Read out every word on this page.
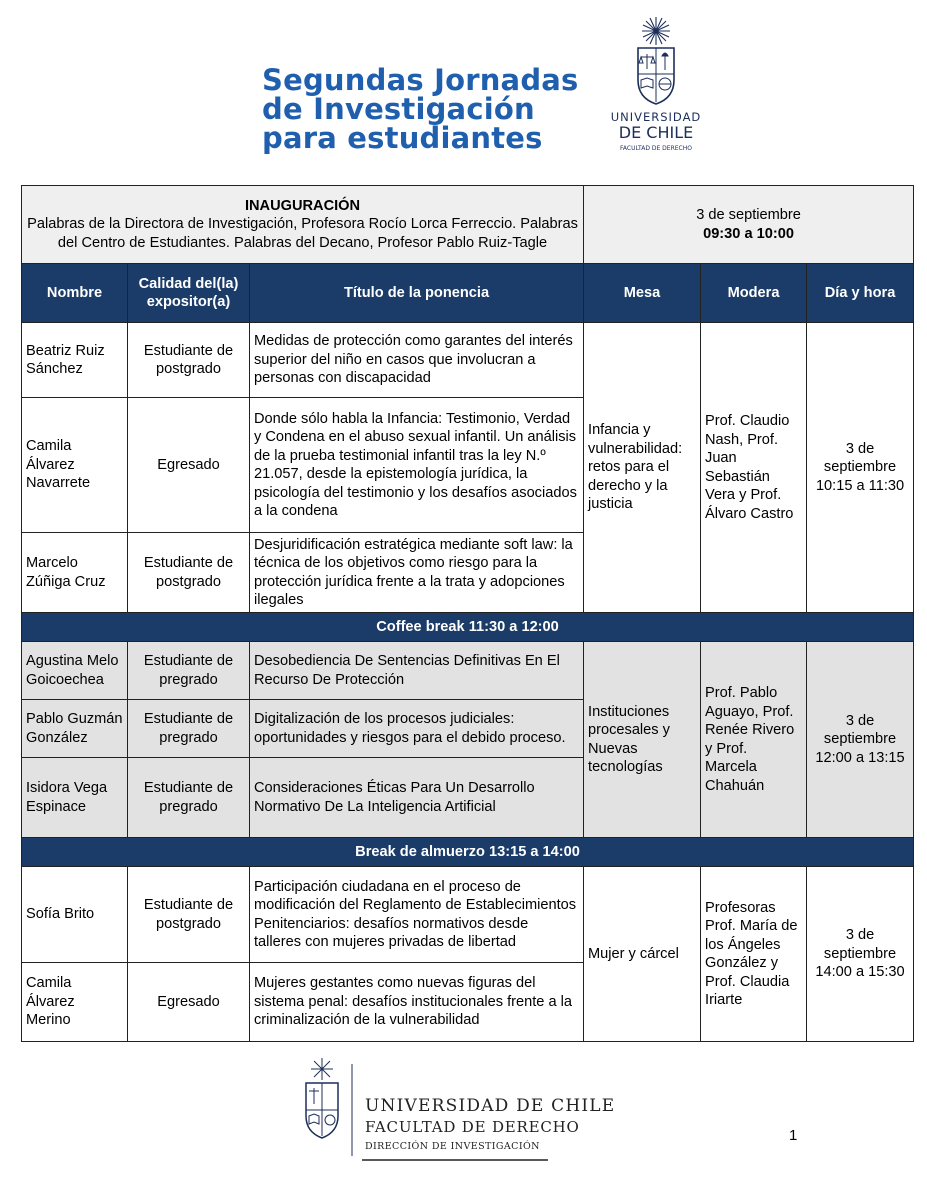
Segundas Jornadas
de Investigación
para estudiantes
UNIVERSIDAD
DE CHILE
FACULTAD DE DERECHO
INAUGURACIÓN
Palabras de la Directora de Investigación, Profesora Rocío Lorca Ferreccio. Palabras del Centro de Estudiantes. Palabras del Decano, Profesor Pablo Ruiz-Tagle			3 de septiembre
09:30 a 10:00		

Nombre	Calidad del(la) expositor(a)	Título de la ponencia	Mesa	Modera	Día y hora
Beatriz Ruiz Sánchez	Estudiante de postgrado	Medidas de protección como garantes del interés superior del niño en casos que involucran a personas con discapacidad	Infancia y vulnerabilidad: retos para el derecho y la justicia	Prof. Claudio Nash, Prof. Juan Sebastián Vera y Prof. Álvaro Castro	3 de septiembre 10:15 a 11:30
Camila Álvarez Navarrete	Egresado	Donde sólo habla la Infancia: Testimonio, Verdad y Condena en el abuso sexual infantil. Un análisis de la prueba testimonial infantil tras la ley N.º 21.057, desde la epistemología jurídica, la psicología del testimonio y los desafíos asociados a la condena			
Marcelo Zúñiga Cruz	Estudiante de postgrado	Desjuridificación estratégica mediante soft law: la técnica de los objetivos como riesgo para la protección jurídica frente a la trata y adopciones ilegales			
Coffee break 11:30 a 12:00					
Agustina Melo Goicoechea	Estudiante de pregrado	Desobediencia De Sentencias Definitivas En El Recurso De Protección	Instituciones procesales y Nuevas tecnologías	Prof. Pablo Aguayo, Prof. Renée Rivero y Prof. Marcela Chahuán	3 de septiembre 12:00 a 13:15
Pablo Guzmán González	Estudiante de pregrado	Digitalización de los procesos judiciales: oportunidades y riesgos para el debido proceso.			
Isidora Vega Espinace	Estudiante de pregrado	Consideraciones Éticas Para Un Desarrollo Normativo De La Inteligencia Artificial			
Break de almuerzo 13:15 a 14:00					
Sofía Brito	Estudiante de postgrado	Participación ciudadana en el proceso de modificación del Reglamento de Establecimientos Penitenciarios: desafíos normativos desde talleres con mujeres privadas de libertad	Mujer y cárcel	Profesoras Prof. María de los Ángeles González y Prof. Claudia Iriarte	3 de septiembre 14:00 a 15:30
Camila Álvarez Merino	Egresado	Mujeres gestantes como nuevas figuras del sistema penal: desafíos institucionales frente a la criminalización de la vulnerabilidad			
UNIVERSIDAD DE CHILE
FACULTAD DE DERECHO
DIRECCIÓN DE INVESTIGACIÓN
1
